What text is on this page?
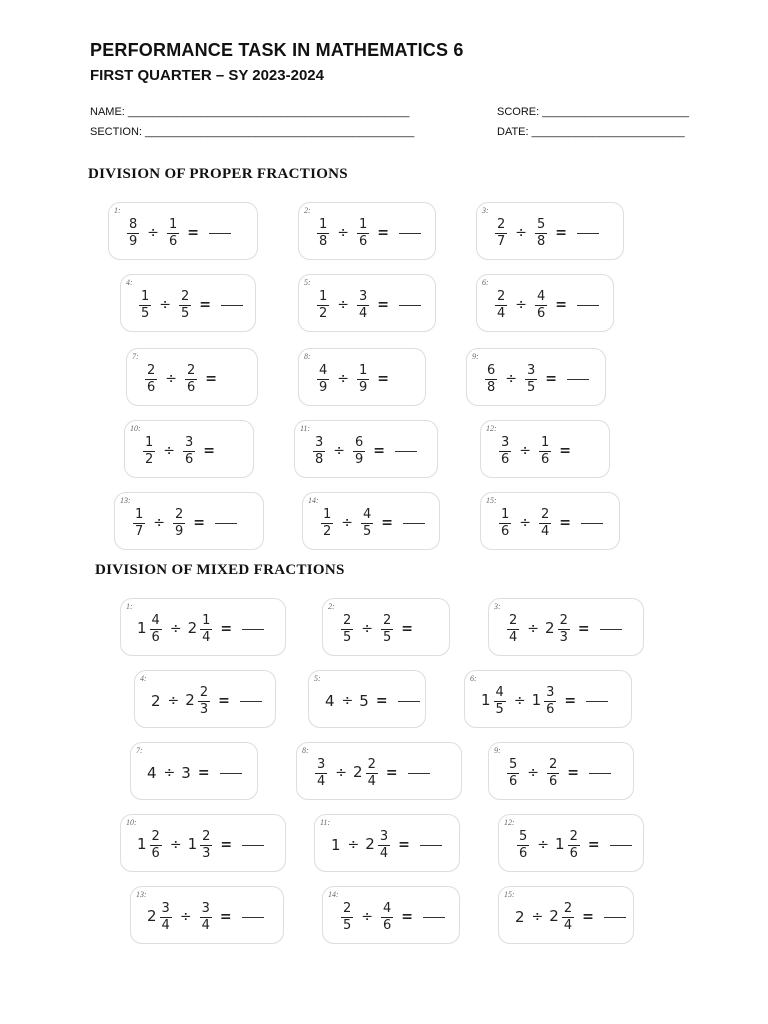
PERFORMANCE TASK IN MATHEMATICS 6
FIRST QUARTER – SY 2023-2024
NAME: ______________________________________________	SCORE: ________________________
SECTION: ____________________________________________	DATE: _________________________
DIVISION OF PROPER FRACTIONS
DIVISION OF MIXED FRACTIONS
1:
$\frac{8}{9} \div \frac{1}{6}$ =
2:
$\frac{1}{8} \div \frac{1}{6}$ =
3:
$\frac{2}{7} \div \frac{5}{8}$ =
4:
$\frac{1}{5} \div \frac{2}{5}$ =
5:
$\frac{1}{2} \div \frac{3}{4}$ =
6:
$\frac{2}{4} \div \frac{4}{6}$ =
7:
$\frac{2}{6} \div \frac{2}{6}$ =
8:
$\frac{4}{9} \div \frac{1}{9}$ =
9:
$\frac{6}{8} \div \frac{3}{5}$ =
10:
$\frac{1}{2} \div \frac{3}{6}$ =
11:
$\frac{3}{8} \div \frac{6}{9}$ =
12:
$\frac{3}{6} \div \frac{1}{6}$ =
13:
$\frac{1}{7} \div \frac{2}{9}$ =
14:
$\frac{1}{2} \div \frac{4}{5}$ =
15:
$\frac{1}{6} \div \frac{2}{4}$ =
1:
$1 \frac{4}{6} \div 2 \frac{1}{4}$ =
2:
$\frac{2}{5} \div \frac{2}{5}$ =
3:
$\frac{2}{4} \div 2 \frac{2}{3}$ =
4:
$2 \div 2 \frac{2}{3}$ =
5:
4 ÷ 5 =
6:
$1 \frac{4}{5} \div 1 \frac{3}{6}$ =
7:
4 ÷ 3 =
8:
$\frac{3}{4} \div 2 \frac{2}{4}$ =
9:
$\frac{5}{6} \div \frac{2}{6}$ =
10:
$1 \frac{2}{6} \div 1 \frac{2}{3}$ =
11:
$1 \div 2 \frac{3}{4}$ =
12:
$\frac{5}{6} \div 1 \frac{2}{6}$ =
13:
$2 \frac{3}{4} \div \frac{3}{4}$ =
14:
$\frac{2}{5} \div \frac{4}{6}$ =
15:
$2 \div 2 \frac{2}{4}$ =
